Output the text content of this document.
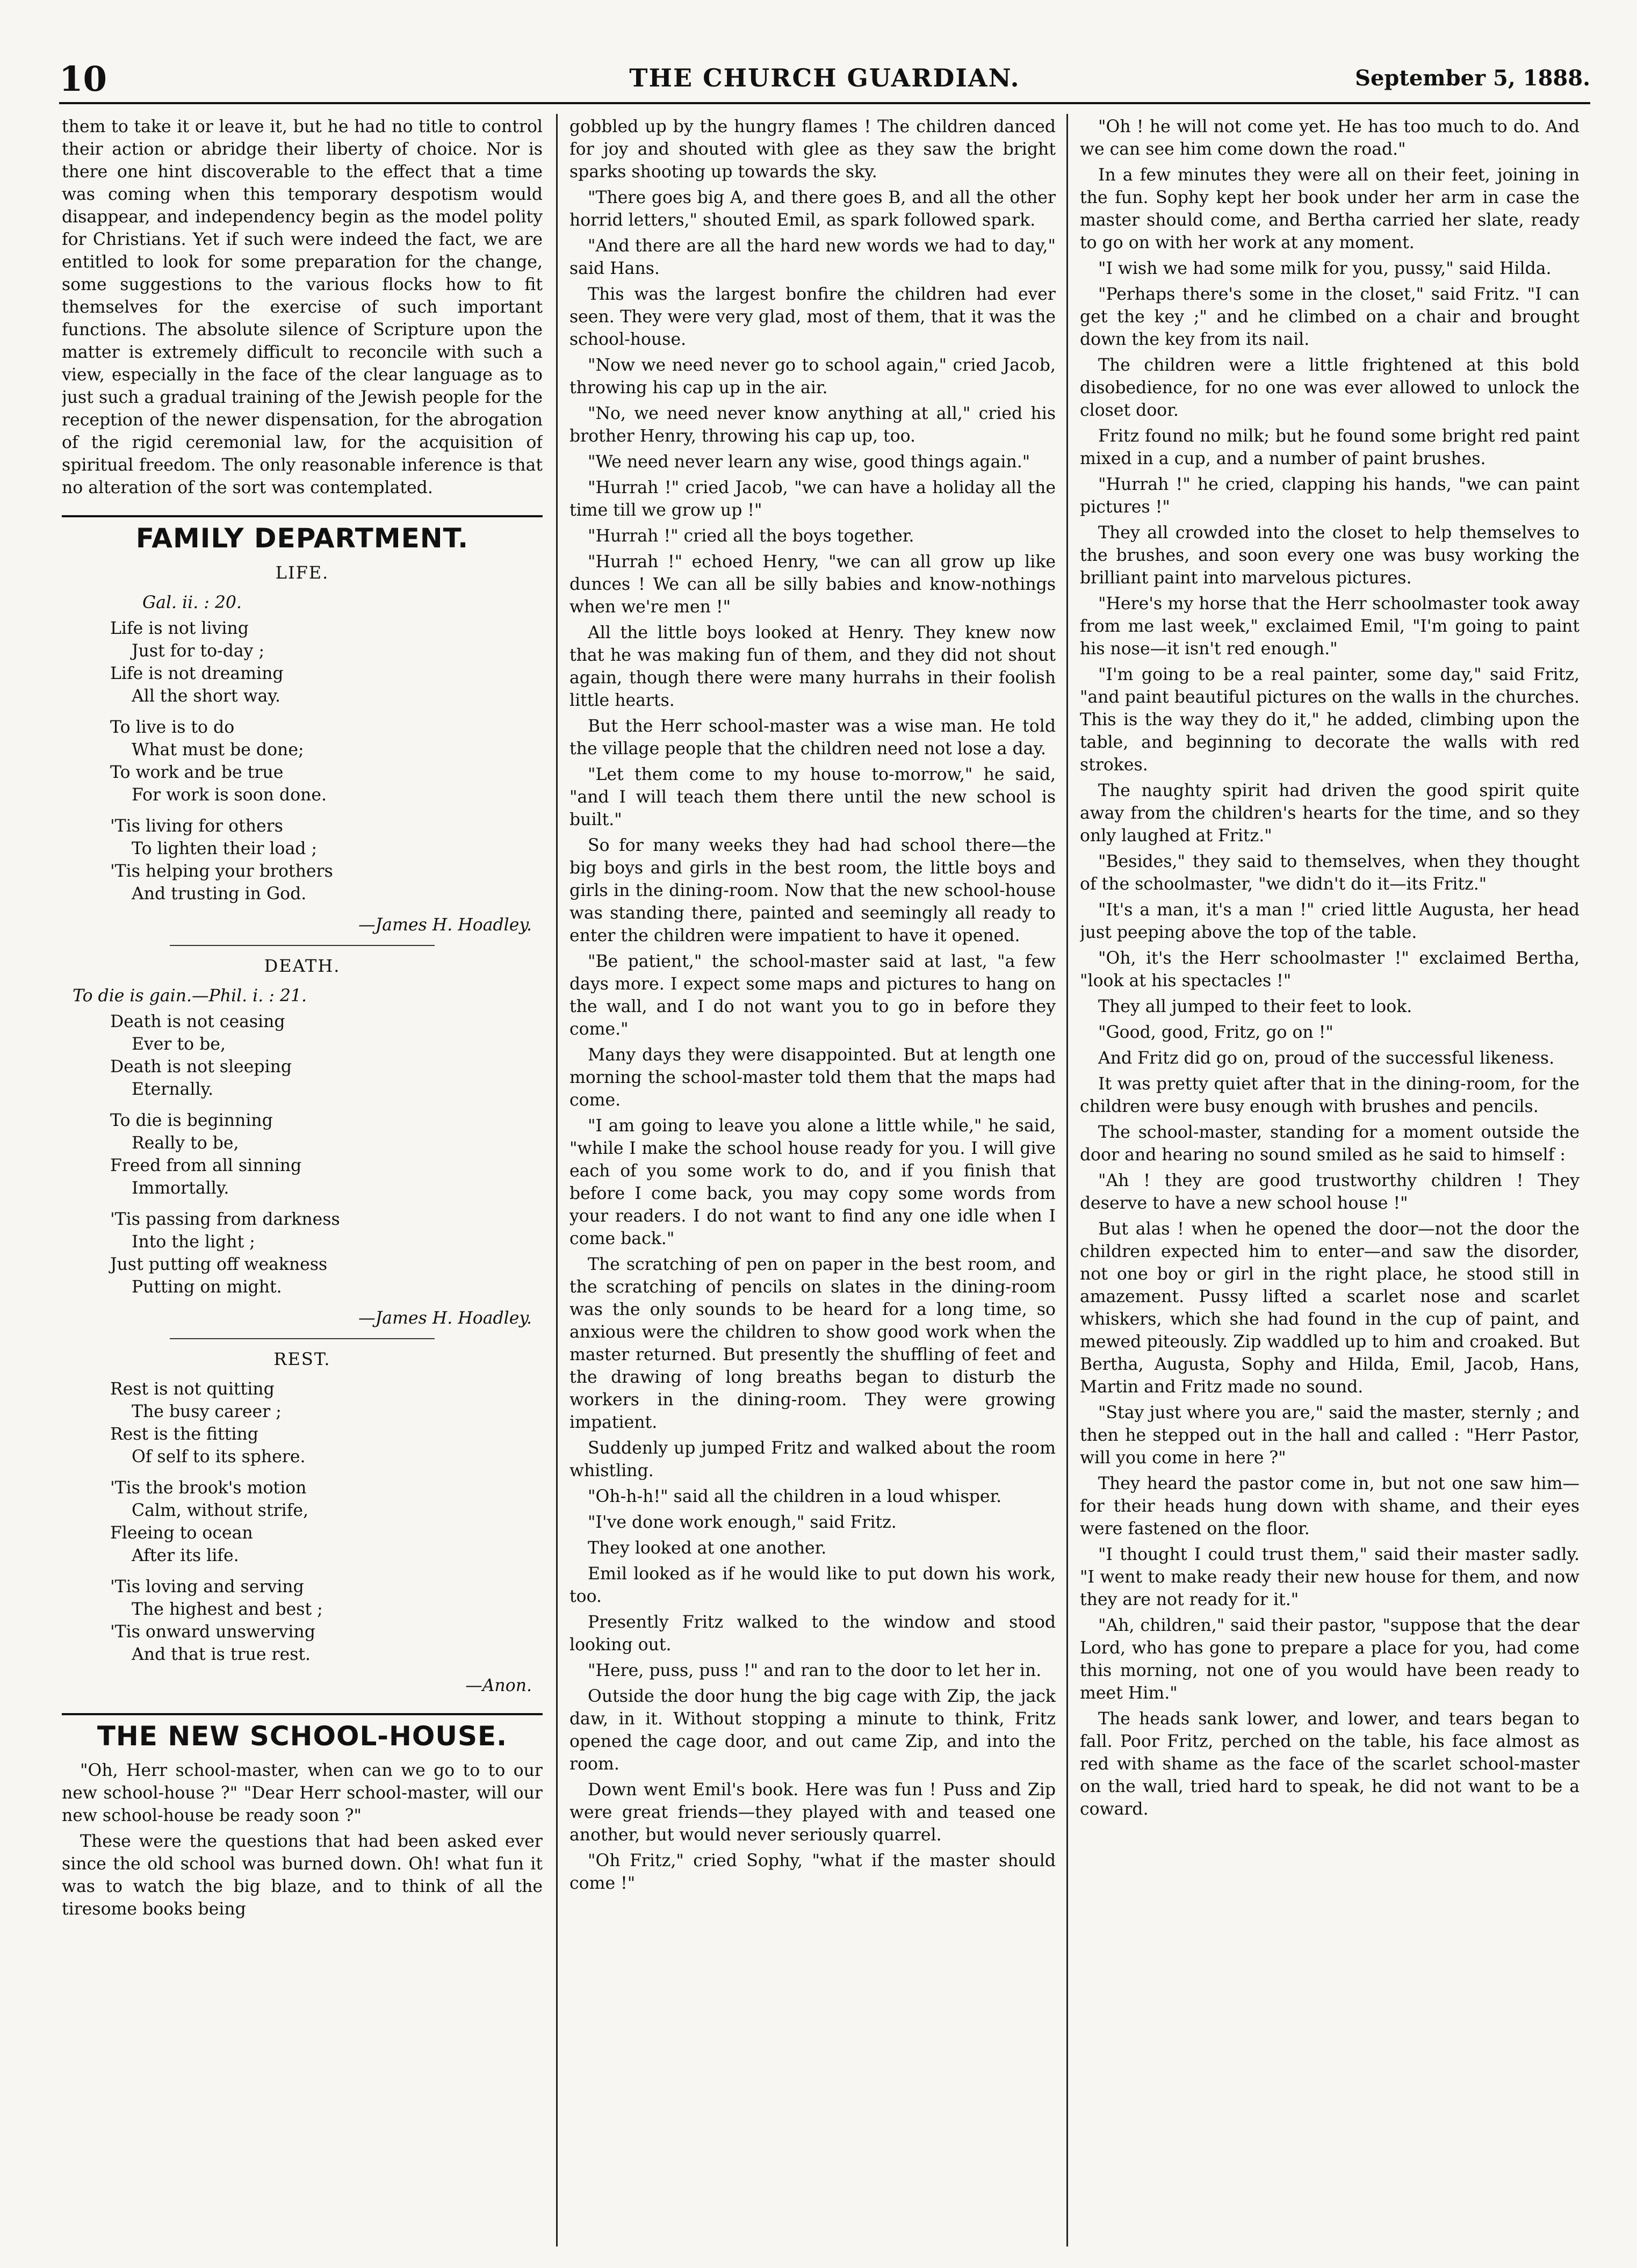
10	THE CHURCH GUARDIAN.	September 5, 1888.

them to take it or leave it, but he had no title to control their action or abridge their liberty of choice. Nor is there one hint discoverable to the effect that a time was coming when this temporary despotism would disappear, and independency begin as the model polity for Christians. Yet if such were indeed the fact, we are entitled to look for some preparation for the change, some suggestions to the various flocks how to fit themselves for the exercise of such important functions. The absolute silence of Scripture upon the matter is extremely difficult to reconcile with such a view, especially in the face of the clear language as to just such a gradual training of the Jewish people for the reception of the newer dispensation, for the abrogation of the rigid ceremonial law, for the acquisition of spiritual freedom. The only reasonable inference is that no alteration of the sort was contemplated.

FAMILY DEPARTMENT.
LIFE.
Gal. ii. : 20.
Life is not living
Just for to-day ;
Life is not dreaming
All the short way.
To live is to do
What must be done;
To work and be true
For work is soon done.
'Tis living for others
To lighten their load ;
'Tis helping your brothers
And trusting in God.
—James H. Hoadley.
DEATH.
To die is gain.—Phil. i. : 21.
Death is not ceasing
Ever to be,
Death is not sleeping
Eternally.
To die is beginning
Really to be,
Freed from all sinning
Immortally.
'Tis passing from darkness
Into the light ;
Just putting off weakness
Putting on might.
—James H. Hoadley.
REST.
Rest is not quitting
The busy career ;
Rest is the fitting
Of self to its sphere.
'Tis the brook's motion
Calm, without strife,
Fleeing to ocean
After its life.
'Tis loving and serving
The highest and best ;
'Tis onward unswerving
And that is true rest.
—Anon.
THE NEW SCHOOL-HOUSE.

"Oh, Herr school-master, when can we go to to our new school-house ?" "Dear Herr school-master, will our new school-house be ready soon ?"

These were the questions that had been asked ever since the old school was burned down. Oh! what fun it was to watch the big blaze, and to think of all the tiresome books being

gobbled up by the hungry flames ! The children danced for joy and shouted with glee as they saw the bright sparks shooting up towards the sky.

"There goes big A, and there goes B, and all the other horrid letters," shouted Emil, as spark followed spark.

"And there are all the hard new words we had to day," said Hans.

This was the largest bonfire the children had ever seen. They were very glad, most of them, that it was the school-house.

"Now we need never go to school again," cried Jacob, throwing his cap up in the air.

"No, we need never know anything at all," cried his brother Henry, throwing his cap up, too.

"We need never learn any wise, good things again."

"Hurrah !" cried Jacob, "we can have a holiday all the time till we grow up !"

"Hurrah !" cried all the boys together.

"Hurrah !" echoed Henry, "we can all grow up like dunces ! We can all be silly babies and know-nothings when we're men !"

All the little boys looked at Henry. They knew now that he was making fun of them, and they did not shout again, though there were many hurrahs in their foolish little hearts.

But the Herr school-master was a wise man. He told the village people that the children need not lose a day.

"Let them come to my house to-morrow," he said, "and I will teach them there until the new school is built."

So for many weeks they had had school there—the big boys and girls in the best room, the little boys and girls in the dining-room. Now that the new school-house was standing there, painted and seemingly all ready to enter the children were impatient to have it opened.

"Be patient," the school-master said at last, "a few days more. I expect some maps and pictures to hang on the wall, and I do not want you to go in before they come."

Many days they were disappointed. But at length one morning the school-master told them that the maps had come.

"I am going to leave you alone a little while," he said, "while I make the school house ready for you. I will give each of you some work to do, and if you finish that before I come back, you may copy some words from your readers. I do not want to find any one idle when I come back."

The scratching of pen on paper in the best room, and the scratching of pencils on slates in the dining-room was the only sounds to be heard for a long time, so anxious were the children to show good work when the master returned. But presently the shuffling of feet and the drawing of long breaths began to disturb the workers in the dining-room. They were growing impatient.

Suddenly up jumped Fritz and walked about the room whistling.

"Oh-h-h!" said all the children in a loud whisper.

"I've done work enough," said Fritz.

They looked at one another.

Emil looked as if he would like to put down his work, too.

Presently Fritz walked to the window and stood looking out.

"Here, puss, puss !" and ran to the door to let her in.

Outside the door hung the big cage with Zip, the jack daw, in it. Without stopping a minute to think, Fritz opened the cage door, and out came Zip, and into the room.

Down went Emil's book. Here was fun ! Puss and Zip were great friends—they played with and teased one another, but would never seriously quarrel.

"Oh Fritz," cried Sophy, "what if the master should come !"

"Oh ! he will not come yet. He has too much to do. And we can see him come down the road."

In a few minutes they were all on their feet, joining in the fun. Sophy kept her book under her arm in case the master should come, and Bertha carried her slate, ready to go on with her work at any moment.

"I wish we had some milk for you, pussy," said Hilda.

"Perhaps there's some in the closet," said Fritz. "I can get the key ;" and he climbed on a chair and brought down the key from its nail.

The children were a little frightened at this bold disobedience, for no one was ever allowed to unlock the closet door.

Fritz found no milk; but he found some bright red paint mixed in a cup, and a number of paint brushes.

"Hurrah !" he cried, clapping his hands, "we can paint pictures !"

They all crowded into the closet to help themselves to the brushes, and soon every one was busy working the brilliant paint into marvelous pictures.

"Here's my horse that the Herr schoolmaster took away from me last week," exclaimed Emil, "I'm going to paint his nose—it isn't red enough."

"I'm going to be a real painter, some day," said Fritz, "and paint beautiful pictures on the walls in the churches. This is the way they do it," he added, climbing upon the table, and beginning to decorate the walls with red strokes.

The naughty spirit had driven the good spirit quite away from the children's hearts for the time, and so they only laughed at Fritz."

"Besides," they said to themselves, when they thought of the schoolmaster, "we didn't do it—its Fritz."

"It's a man, it's a man !" cried little Augusta, her head just peeping above the top of the table.

"Oh, it's the Herr schoolmaster !" exclaimed Bertha, "look at his spectacles !"

They all jumped to their feet to look.

"Good, good, Fritz, go on !"

And Fritz did go on, proud of the successful likeness.

It was pretty quiet after that in the dining-room, for the children were busy enough with brushes and pencils.

The school-master, standing for a moment outside the door and hearing no sound smiled as he said to himself :

"Ah ! they are good trustworthy children ! They deserve to have a new school house !"

But alas ! when he opened the door—not the door the children expected him to enter—and saw the disorder, not one boy or girl in the right place, he stood still in amazement. Pussy lifted a scarlet nose and scarlet whiskers, which she had found in the cup of paint, and mewed piteously. Zip waddled up to him and croaked. But Bertha, Augusta, Sophy and Hilda, Emil, Jacob, Hans, Martin and Fritz made no sound.

"Stay just where you are," said the master, sternly ; and then he stepped out in the hall and called : "Herr Pastor, will you come in here ?"

They heard the pastor come in, but not one saw him—for their heads hung down with shame, and their eyes were fastened on the floor.

"I thought I could trust them," said their master sadly. "I went to make ready their new house for them, and now they are not ready for it."

"Ah, children," said their pastor, "suppose that the dear Lord, who has gone to prepare a place for you, had come this morning, not one of you would have been ready to meet Him."

The heads sank lower, and lower, and tears began to fall. Poor Fritz, perched on the table, his face almost as red with shame as the face of the scarlet school-master on the wall, tried hard to speak, he did not want to be a coward.
